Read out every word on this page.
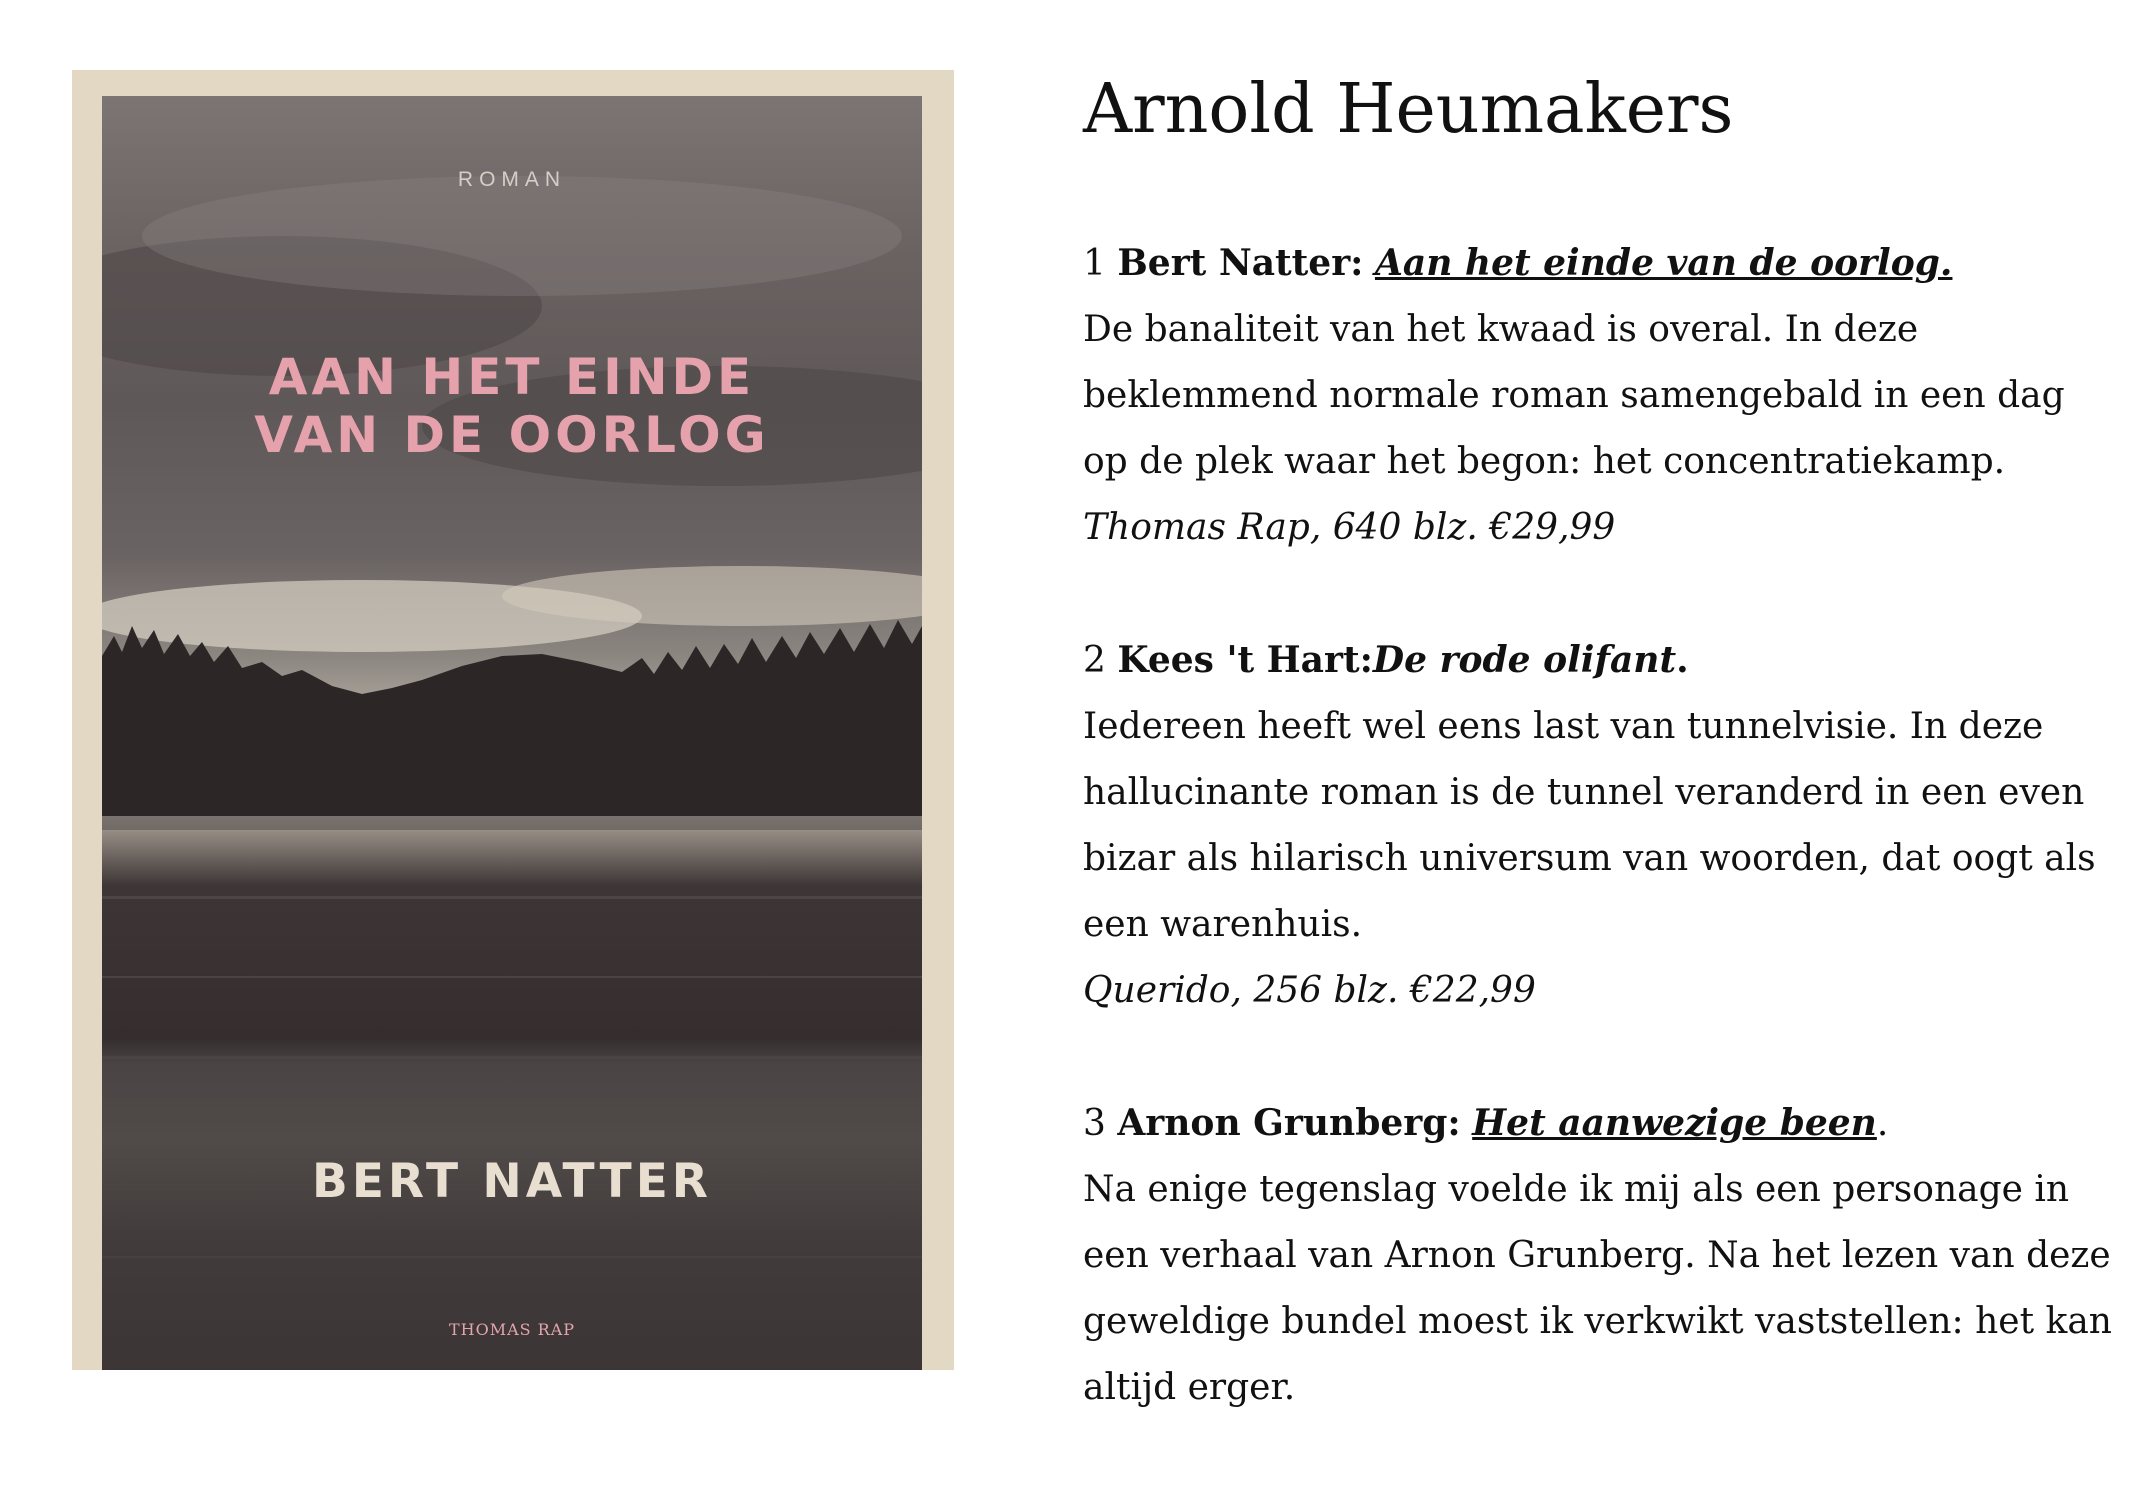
ROMAN
AAN HET EINDE
VAN DE OORLOG
BERT NATTER
THOMAS RAP
Arnold Heumakers
1 Bert Natter: Aan het einde van de oorlog.
De banaliteit van het kwaad is overal. In deze beklemmend normale roman samengebald in een dag op de plek waar het begon: het concentratiekamp.
Thomas Rap, 640 blz. €29,99
2 Kees 't Hart:De rode olifant.
Iedereen heeft wel eens last van tunnelvisie. In deze hallucinante roman is de tunnel veranderd in een even bizar als hilarisch universum van woorden, dat oogt als een warenhuis.
Querido, 256 blz. €22,99
3 Arnon Grunberg: Het aanwezige been.
Na enige tegenslag voelde ik mij als een personage in een verhaal van Arnon Grunberg. Na het lezen van deze geweldige bundel moest ik verkwikt vaststellen: het kan altijd erger.
